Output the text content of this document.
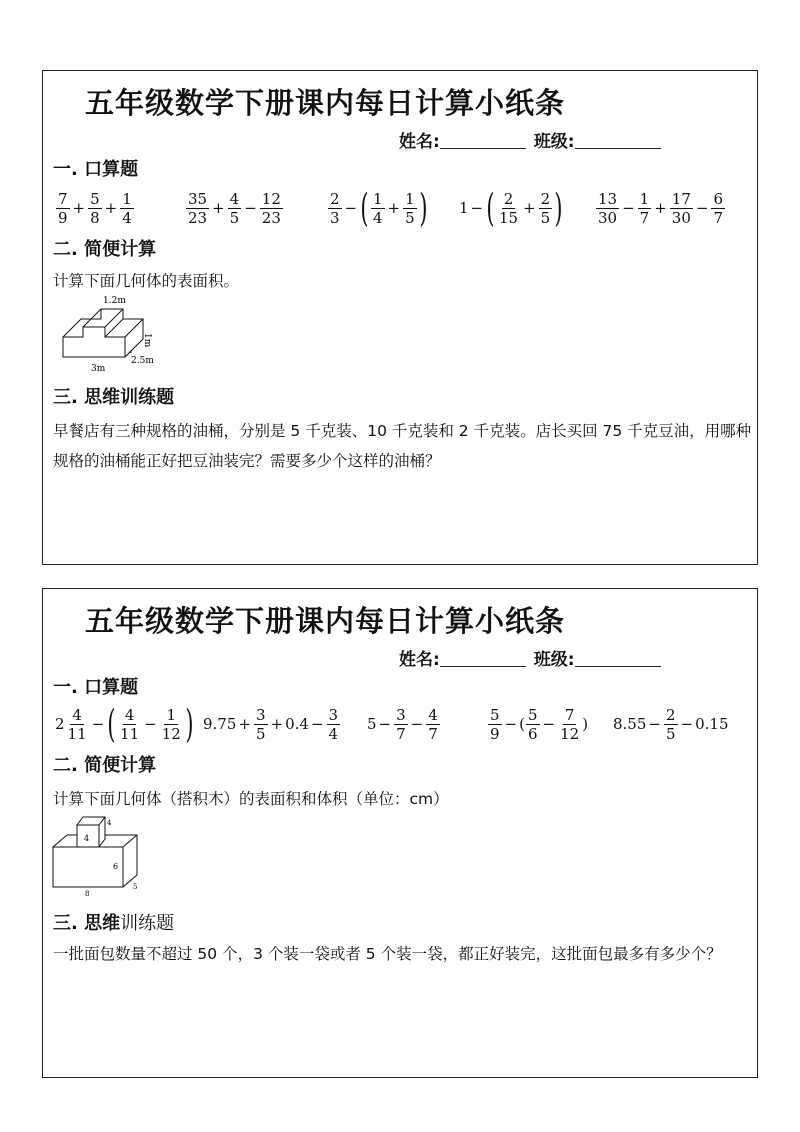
五年级数学下册课内每日计算小纸条
姓名:	班级:
一. 口算题
$\frac{7}{9} + \frac{5}{8} + \frac{1}{4}$	$\frac{35}{23} + \frac{4}{5} - \frac{12}{23}$	$\frac{2}{3}$ − ( $\frac{1}{4} + \frac{1}{5}$ ) 1 − ( $\frac{2}{15} + \frac{2}{5}$ ) $\frac{13}{30} - \frac{1}{7} + \frac{17}{30} - \frac{6}{7}$
二. 简便计算
计算下面几何体的表面积。
1.2m
1m
3m
2.5m
三. 思维训练题
早餐店有三种规格的油桶，分别是 5 千克装、10 千克装和 2 千克装。店长买回 75 千克豆油，用哪种规格的油桶能正好把豆油装完？需要多少个这样的油桶？
五年级数学下册课内每日计算小纸条
姓名:	班级:
一. 口算题
$2 \frac{4}{11}$ − ( $\frac{4}{11} - \frac{1}{12}$ ) $9.75 + \frac{3}{5} + 0.4 - \frac{3}{4} 5 - \frac{3}{7} - \frac{4}{7}$	$\frac{5}{9}$ − ( $\frac{5}{6} - \frac{7}{12}$ ) $8.55 - \frac{2}{5} - 0.15$
二. 简便计算
计算下面几何体（搭积木）的表面积和体积（单位：cm）
4
4
6
8
5
三. 思维训练题
一批面包数量不超过 50 个，3 个装一袋或者 5 个装一袋，都正好装完，这批面包最多有多少个？
